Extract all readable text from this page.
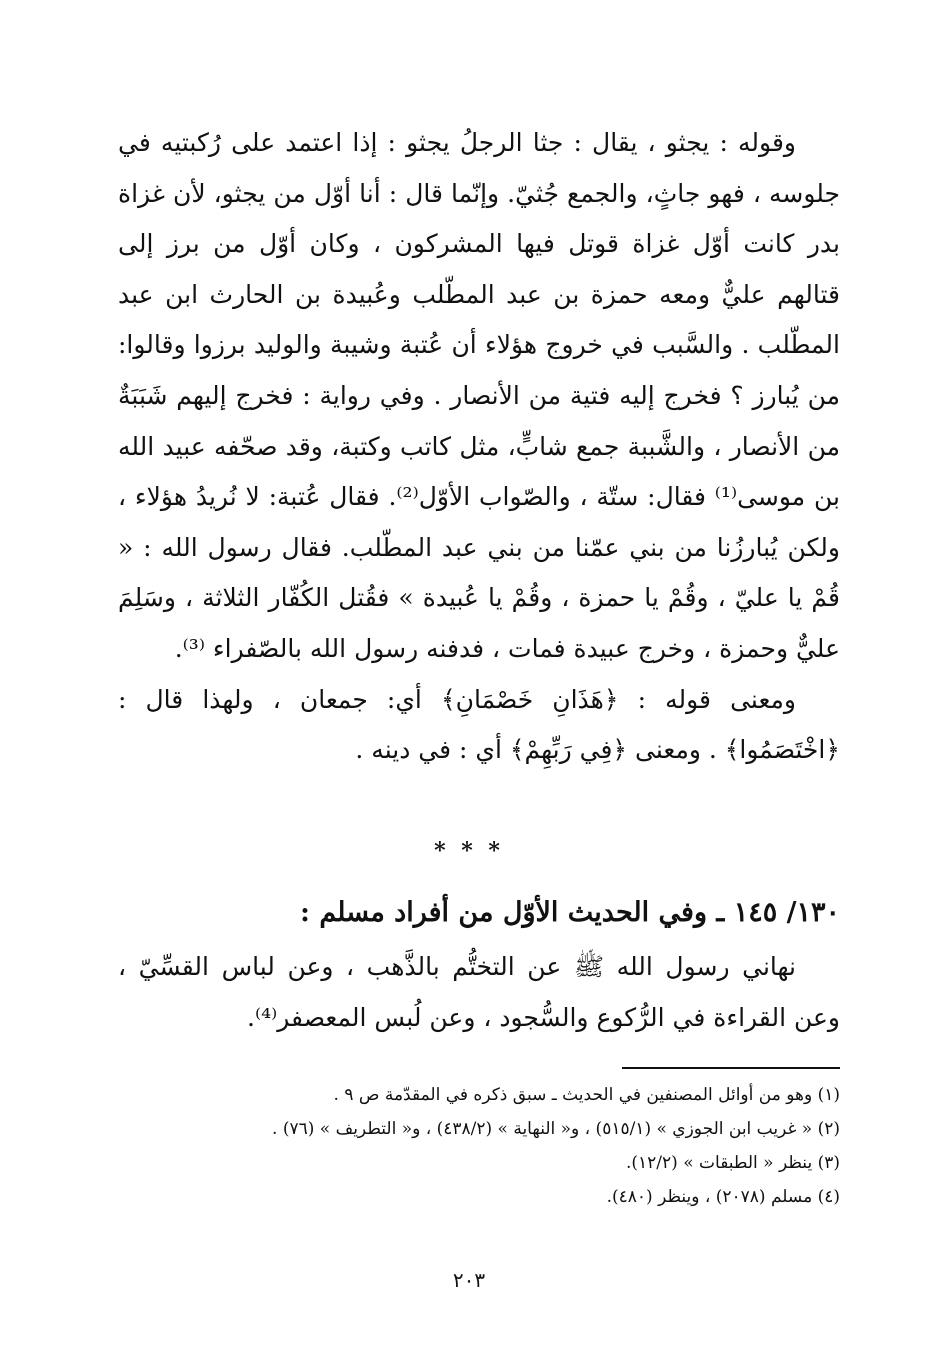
وقوله : يجثو ، يقال : جثا الرجلُ يجثو : إذا اعتمد على رُكبتيه في جلوسه ، فهو جاثٍ، والجمع جُثيّ. وإنّما قال : أنا أوّل من يجثو، لأن غزاة بدر كانت أوّل غزاة قوتل فيها المشركون ، وكان أوّل من برز إلى قتالهم عليٌّ ومعه حمزة بن عبد المطّلب وعُبيدة بن الحارث ابن عبد المطّلب . والسَّبب في خروج هؤلاء أن عُتبة وشيبة والوليد برزوا وقالوا: من يُبارز ؟ فخرج إليه فتية من الأنصار . وفي رواية : فخرج إليهم شَبَبَةٌ من الأنصار ، والشَّببة جمع شابٍّ، مثل كاتب وكتبة، وقد صحّفه عبيد الله بن موسى⁽¹⁾ فقال: ستّة ، والصّواب الأوّل⁽²⁾. فقال عُتبة: لا نُريدُ هؤلاء ، ولكن يُبارزُنا من بني عمّنا من بني عبد المطّلب. فقال رسول الله : « قُمْ يا عليّ ، وقُمْ يا حمزة ، وقُمْ يا عُبيدة » فقُتل الكُفّار الثلاثة ، وسَلِمَ عليٌّ وحمزة ، وخرج عبيدة فمات ، فدفنه رسول الله بالصّفراء ⁽³⁾.

ومعنى قوله : ﴿هَذَانِ خَصْمَانِ﴾ أي: جمعان ، ولهذا قال : ﴿اخْتَصَمُوا﴾ . ومعنى ﴿فِي رَبِّهِمْ﴾ أي : في دينه .

* * *
١٣٠/ ١٤٥ ـ وفي الحديث الأوّل من أفراد مسلم :

نهاني رسول الله ﷺ عن التختُّم بالذَّهب ، وعن لباس القسِّيّ ، وعن القراءة في الرُّكوع والسُّجود ، وعن لُبس المعصفر⁽⁴⁾.

(١) وهو من أوائل المصنفين في الحديث ـ سبق ذكره في المقدّمة ص ٩ .
(٢) « غريب ابن الجوزي » (٥١٥/١) ، و« النهاية » (٤٣٨/٢) ، و« التطريف » (٧٦) .
(٣) ينظر « الطبقات » (١٢/٢).
(٤) مسلم (٢٠٧٨) ، وينظر (٤٨٠).
٢٠٣
